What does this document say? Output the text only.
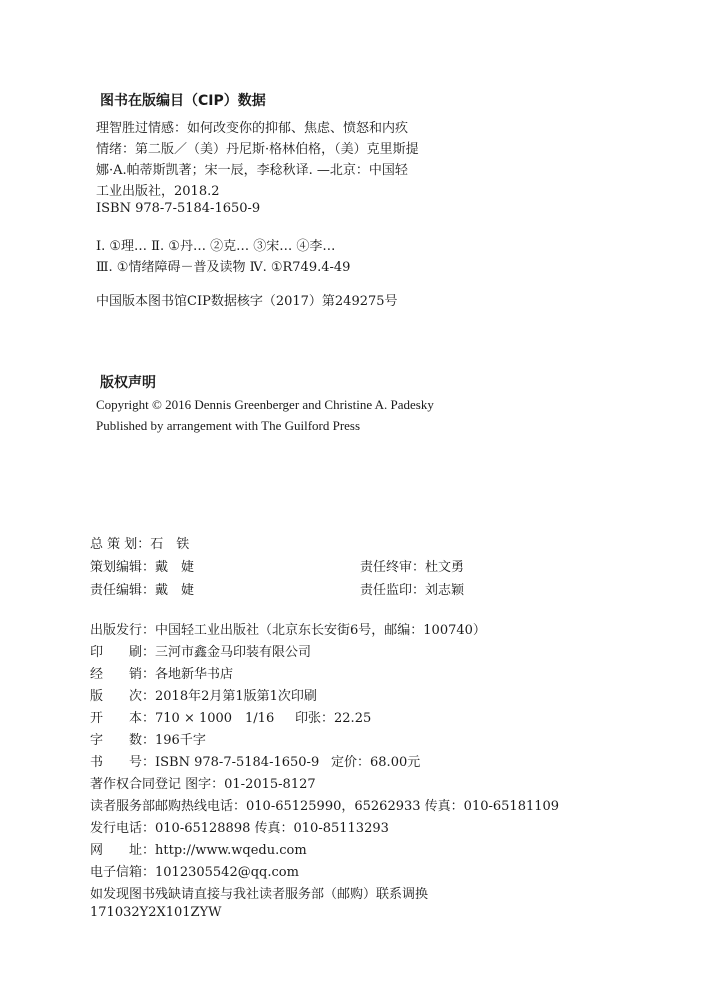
图书在版编目（CIP）数据
理智胜过情感：如何改变你的抑郁、焦虑、愤怒和内疚
情绪：第二版／（美）丹尼斯·格林伯格，（美）克里斯提
娜·A.帕蒂斯凯著；宋一辰，李稔秋译. —北京：中国轻
工业出版社，2018.2
ISBN 978-7-5184-1650-9
Ⅰ. ①理… Ⅱ. ①丹… ②克… ③宋… ④李…
Ⅲ. ①情绪障碍－普及读物 Ⅳ. ①R749.4-49
中国版本图书馆CIP数据核字（2017）第249275号
版权声明
Copyright © 2016 Dennis Greenberger and Christine A. Padesky
Published by arrangement with The Guilford Press
总 策 划：石　铁
策划编辑：戴　婕	责任终审：杜文勇
责任编辑：戴　婕	责任监印：刘志颖
出版发行：中国轻工业出版社（北京东长安街6号，邮编：100740）
印　　刷：三河市鑫金马印装有限公司
经　　销：各地新华书店
版　　次：2018年2月第1版第1次印刷
开　　本：710 × 1000 1/16 印张：22.25
字　　数：196千字
书　　号：ISBN 978-7-5184-1650-9 定价：68.00元
著作权合同登记 图字：01-2015-8127
读者服务部邮购热线电话：010-65125990，65262933 传真：010-65181109
发行电话：010-65128898 传真：010-85113293
网　　址：http://www.wqedu.com
电子信箱：1012305542@qq.com
如发现图书残缺请直接与我社读者服务部（邮购）联系调换
171032Y2X101ZYW
